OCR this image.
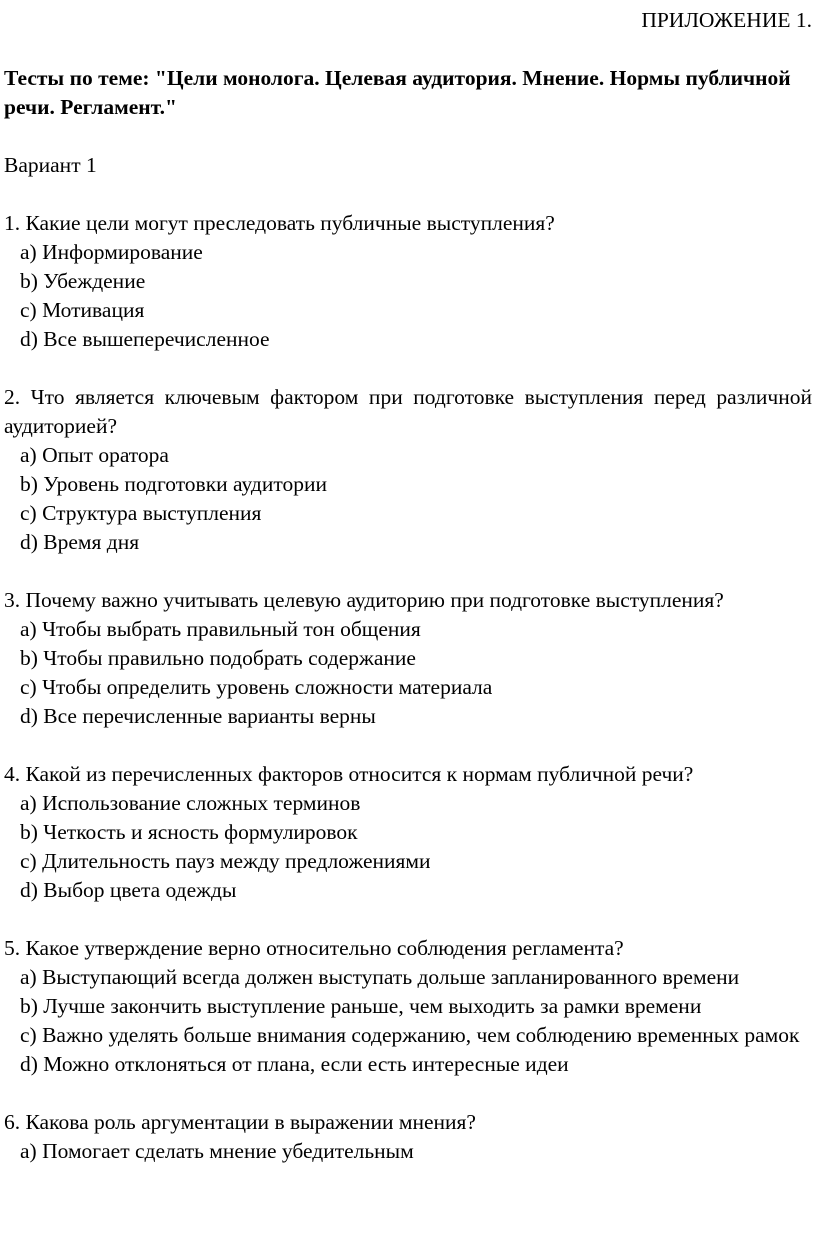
ПРИЛОЖЕНИЕ 1.
Тесты по теме: "Цели монолога. Целевая аудитория. Мнение. Нормы публичной речи. Регламент."
Вариант 1
1. Какие цели могут преследовать публичные выступления?
a) Информирование
b) Убеждение
c) Мотивация
d) Все вышеперечисленное
2. Что является ключевым фактором при подготовке выступления перед различной аудиторией?
a) Опыт оратора
b) Уровень подготовки аудитории
c) Структура выступления
d) Время дня
3. Почему важно учитывать целевую аудиторию при подготовке выступления?
a) Чтобы выбрать правильный тон общения
b) Чтобы правильно подобрать содержание
c) Чтобы определить уровень сложности материала
d) Все перечисленные варианты верны
4. Какой из перечисленных факторов относится к нормам публичной речи?
a) Использование сложных терминов
b) Четкость и ясность формулировок
c) Длительность пауз между предложениями
d) Выбор цвета одежды
5. Какое утверждение верно относительно соблюдения регламента?
a) Выступающий всегда должен выступать дольше запланированного времени
b) Лучше закончить выступление раньше, чем выходить за рамки времени
c) Важно уделять больше внимания содержанию, чем соблюдению временных рамок
d) Можно отклоняться от плана, если есть интересные идеи
6. Какова роль аргументации в выражении мнения?
a) Помогает сделать мнение убедительным
